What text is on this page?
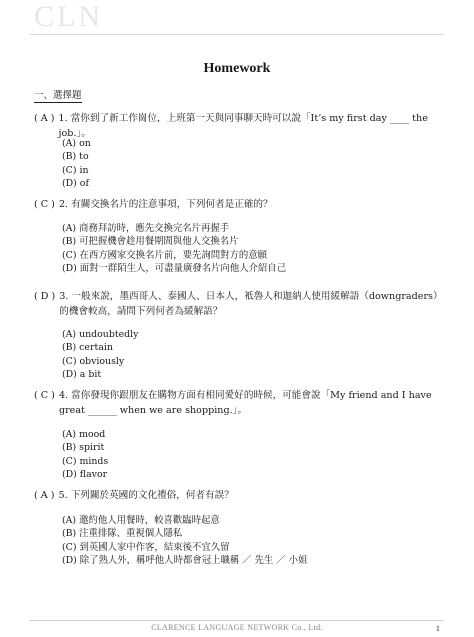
CLN
Homework
一、選擇題
( A ) 1. 當你到了新工作崗位，上班第一天與同事聊天時可以說「It’s my first day ____ the job.」。
(A) on
(B) to
(C) in
(D) of
( C ) 2. 有關交換名片的注意事項，下列何者是正確的？
(A) 商務拜訪時，應先交換完名片再握手
(B) 可把握機會趁用餐期間與他人交換名片
(C) 在西方國家交換名片前，要先詢問對方的意願
(D) 面對一群陌生人，可盡量廣發名片向他人介紹自己
( D ) 3. 一般來說，墨西哥人、泰國人、日本人，袛魯人和迦納人使用緩解語（downgraders）的機會較高，請問下列何者為緩解語？
(A) undoubtedly
(B) certain
(C) obviously
(D) a bit
( C ) 4. 當你發現你跟朋友在購物方面有相同愛好的時候，可能會說「My friend and I have great ______ when we are shopping.」。
(A) mood
(B) spirit
(C) minds
(D) flavor
( A ) 5. 下列關於英國的文化禮俗，何者有誤？
(A) 邀約他人用餐時，較喜歡臨時起意
(B) 注重排隊、重視個人隱私
(C) 到英國人家中作客，結束後不宜久留
(D) 除了熟人外，稱呼他人時都會冠上職稱 ／ 先生 ／ 小姐
CLARENCE LANGUAGE NETWORK Co., Ltd.	1
